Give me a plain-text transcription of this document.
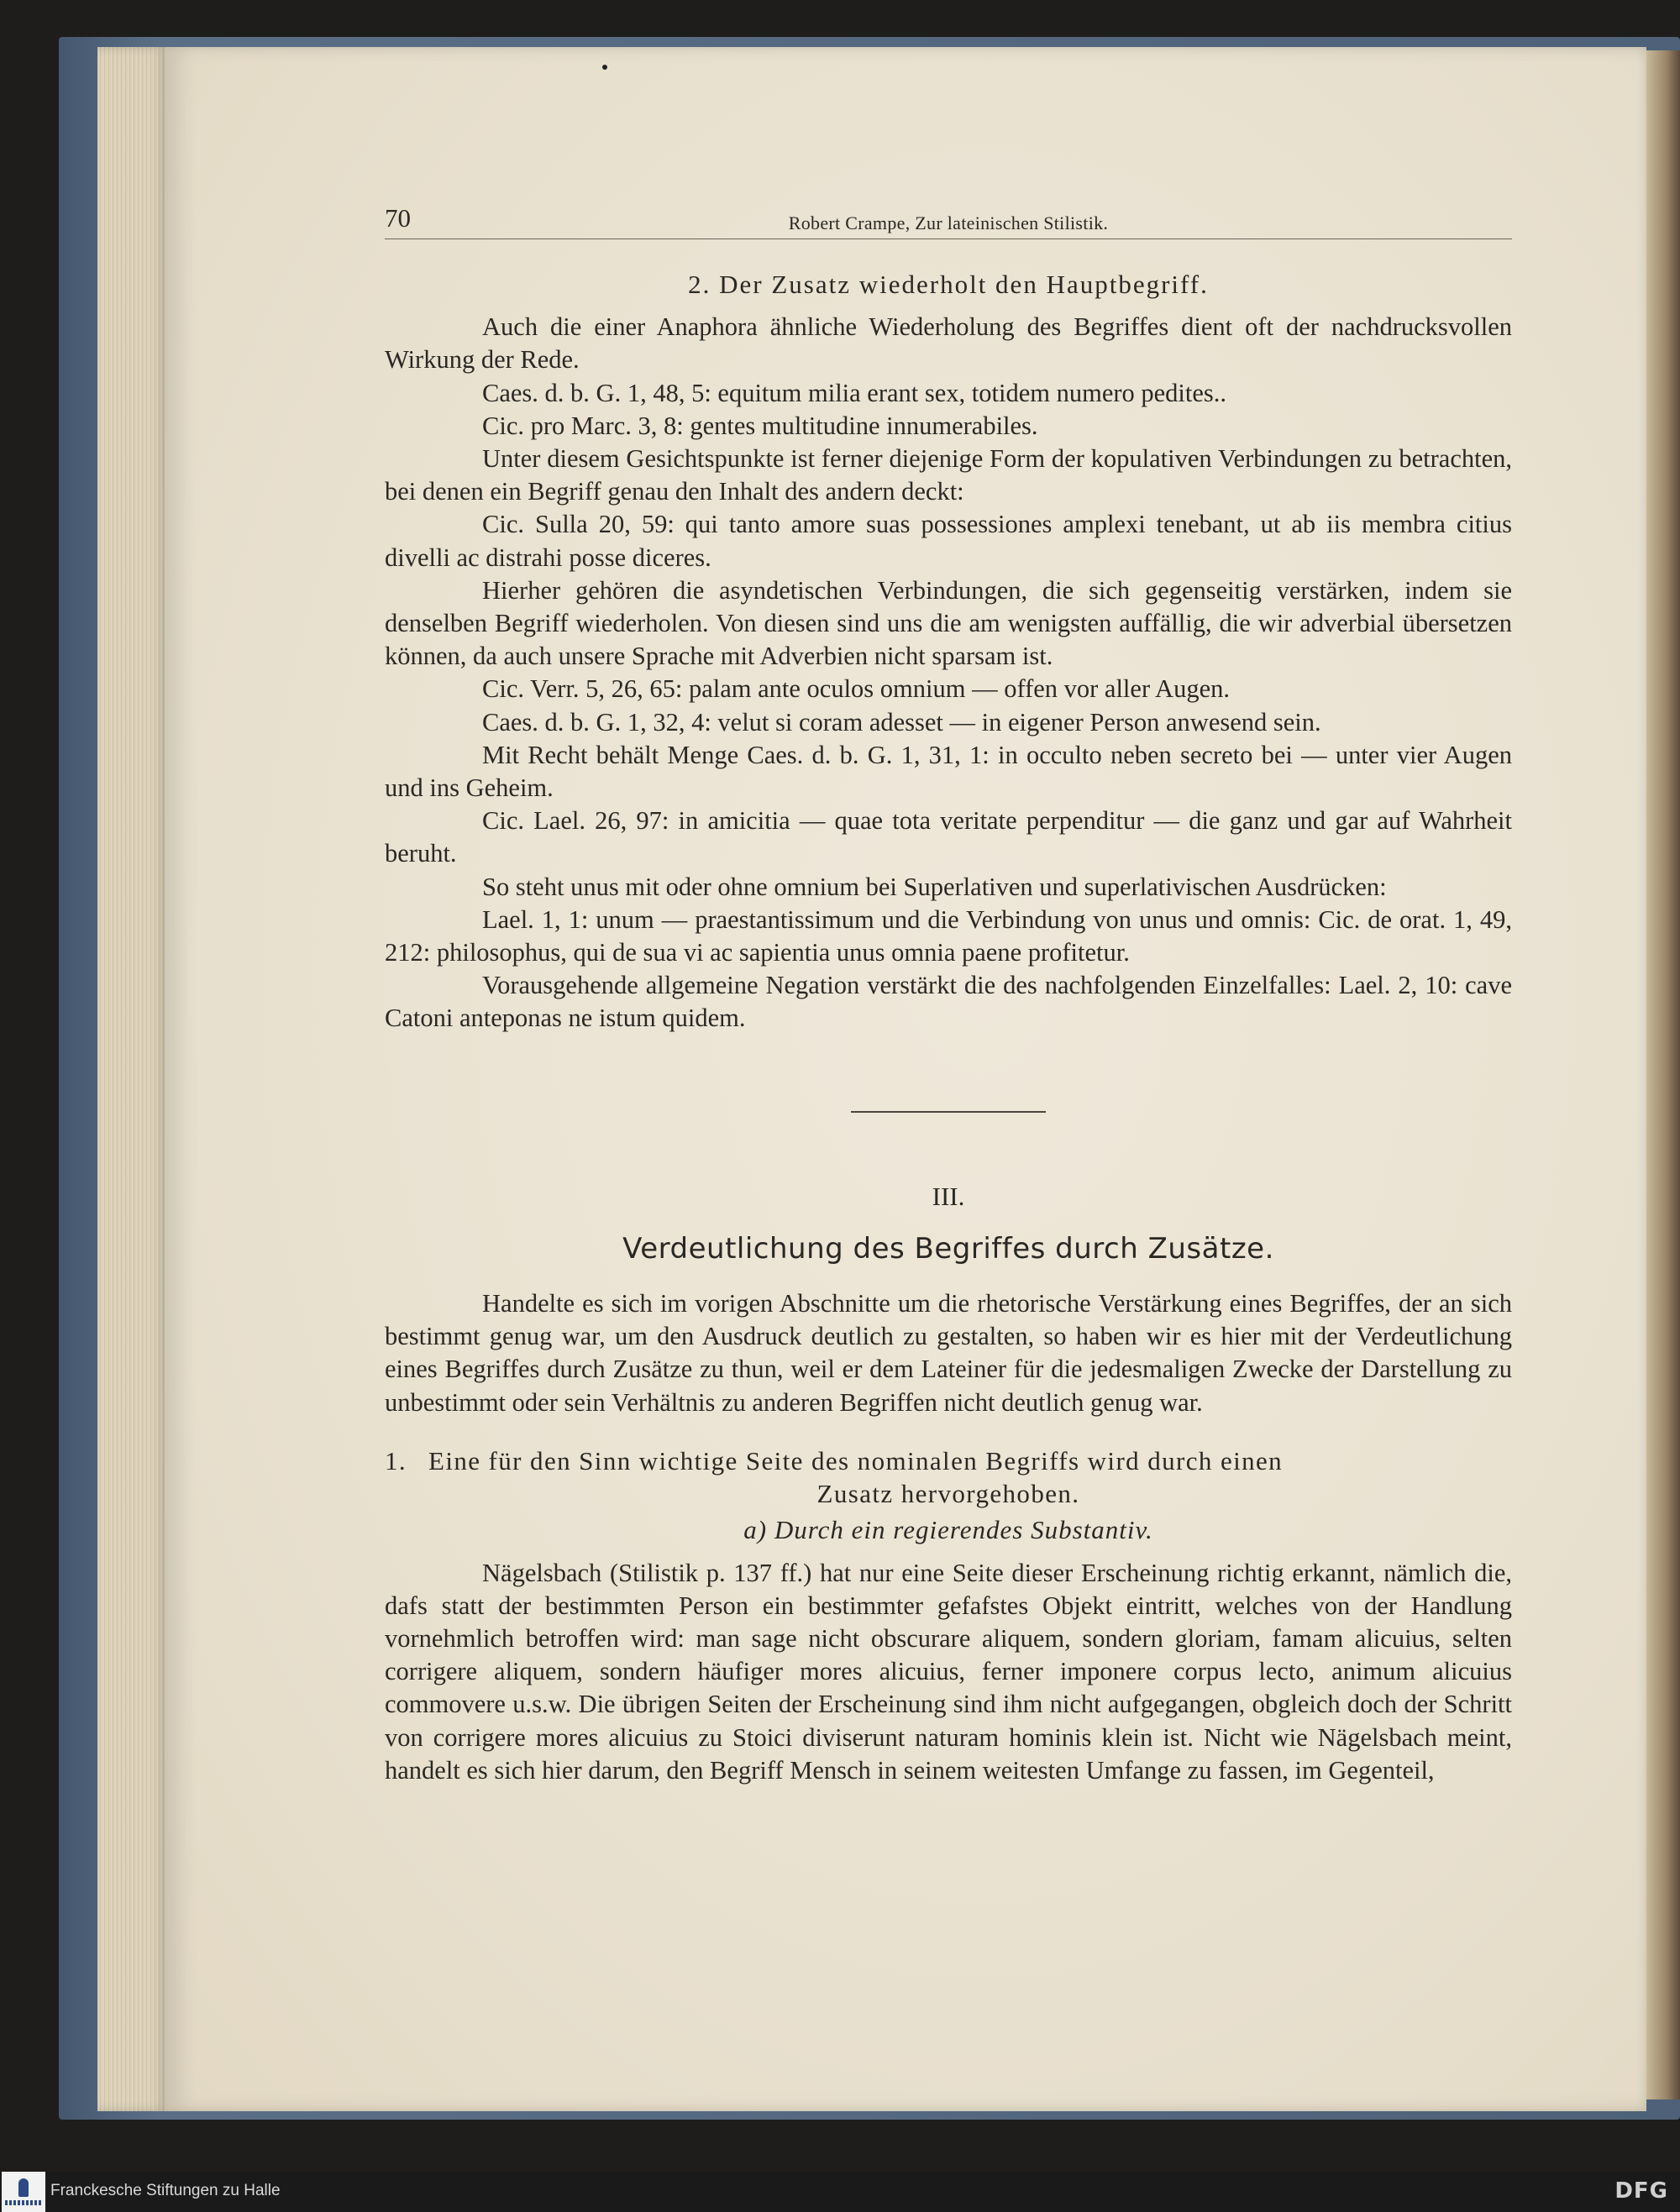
70	Robert Crampe, Zur lateinischen Stilistik.
2. Der Zusatz wiederholt den Hauptbegriff.

Auch die einer Anaphora ähnliche Wiederholung des Begriffes dient oft der nachdrucksvollen Wirkung der Rede.

Caes. d. b. G. 1, 48, 5: equitum milia erant sex, totidem numero pedites..

Cic. pro Marc. 3, 8: gentes multitudine innumerabiles.

Unter diesem Gesichtspunkte ist ferner diejenige Form der kopulativen Verbindungen zu betrachten, bei denen ein Begriff genau den Inhalt des andern deckt:

Cic. Sulla 20, 59: qui tanto amore suas possessiones amplexi tenebant, ut ab iis membra citius divelli ac distrahi posse diceres.

Hierher gehören die asyndetischen Verbindungen, die sich gegenseitig verstärken, indem sie denselben Begriff wiederholen. Von diesen sind uns die am wenigsten auffällig, die wir adverbial übersetzen können, da auch unsere Sprache mit Adverbien nicht sparsam ist.

Cic. Verr. 5, 26, 65: palam ante oculos omnium — offen vor aller Augen.

Caes. d. b. G. 1, 32, 4: velut si coram adesset — in eigener Person anwesend sein.

Mit Recht behält Menge Caes. d. b. G. 1, 31, 1: in occulto neben secreto bei — unter vier Augen und ins Geheim.

Cic. Lael. 26, 97: in amicitia — quae tota veritate perpenditur — die ganz und gar auf Wahrheit beruht.

So steht unus mit oder ohne omnium bei Superlativen und superlativischen Ausdrücken:

Lael. 1, 1: unum — praestantissimum und die Verbindung von unus und omnis: Cic. de orat. 1, 49, 212: philosophus, qui de sua vi ac sapientia unus omnia paene profitetur.

Vorausgehende allgemeine Negation verstärkt die des nachfolgenden Einzelfalles: Lael. 2, 10: cave Catoni anteponas ne istum quidem.

III.
Verdeutlichung des Begriffes durch Zusätze.

Handelte es sich im vorigen Abschnitte um die rhetorische Verstärkung eines Begriffes, der an sich bestimmt genug war, um den Ausdruck deutlich zu gestalten, so haben wir es hier mit der Verdeutlichung eines Begriffes durch Zusätze zu thun, weil er dem Lateiner für die jedesmaligen Zwecke der Darstellung zu unbestimmt oder sein Verhältnis zu anderen Begriffen nicht deutlich genug war.

1. Eine für den Sinn wichtige Seite des nominalen Begriffs wird durch einen
Zusatz hervorgehoben.
a) Durch ein regierendes Substantiv.

Nägelsbach (Stilistik p. 137 ff.) hat nur eine Seite dieser Erscheinung richtig erkannt, nämlich die, dafs statt der bestimmten Person ein bestimmter gefafstes Objekt eintritt, welches von der Handlung vornehmlich betroffen wird: man sage nicht obscurare aliquem, sondern gloriam, famam alicuius, selten corrigere aliquem, sondern häufiger mores alicuius, ferner imponere corpus lecto, animum alicuius commovere u.s.w. Die übrigen Seiten der Erscheinung sind ihm nicht aufgegangen, obgleich doch der Schritt von corrigere mores alicuius zu Stoici diviserunt naturam hominis klein ist. Nicht wie Nägelsbach meint, handelt es sich hier darum, den Begriff Mensch in seinem weitesten Umfange zu fassen, im Gegenteil,

Franckesche Stiftungen zu Halle	DFG
